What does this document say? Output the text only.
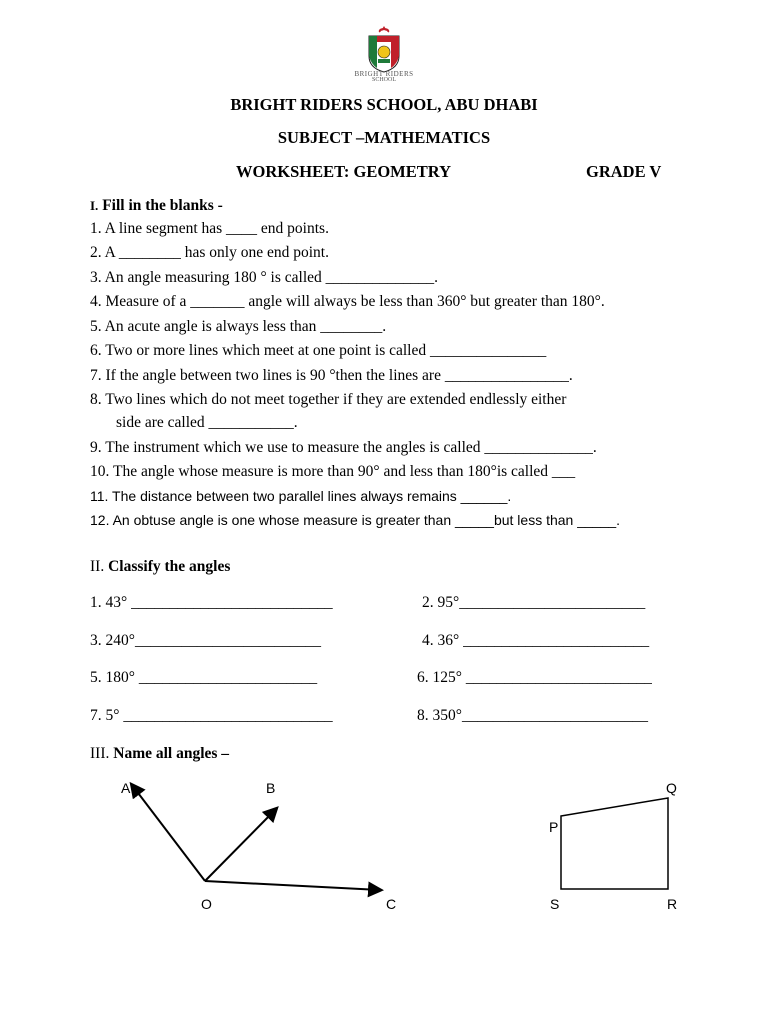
BRIGHT RIDERS
SCHOOL
BRIGHT RIDERS SCHOOL, ABU DHABI
SUBJECT –MATHEMATICS
WORKSHEET: GEOMETRY	GRADE V
I. Fill in the blanks -
1. A line segment has ____ end points.
2. A ________ has only one end point.
3. An angle measuring 180 ° is called ______________.
4. Measure of a _______ angle will always be less than 360° but greater than 180°.
5. An acute angle is always less than ________.
6. Two or more lines which meet at one point is called _______________
7. If the angle between two lines is 90 °then the lines are ________________.
8. Two lines which do not meet together if they are extended endlessly either
side are called ___________.
9. The instrument which we use to measure the angles is called ______________.
10. The angle whose measure is more than 90° and less than 180°is called ___
11. The distance between two parallel lines always remains ______.
12. An obtuse angle is one whose measure is greater than _____but less than _____.
II. Classify the angles
1. 43° __________________________	2. 95°________________________
3. 240°________________________	4. 36° ________________________
5. 180° _______________________	6. 125° ________________________
7. 5° ___________________________	8. 350°________________________
III. Name all angles –
A	B
O	C
Q
P
S	R
